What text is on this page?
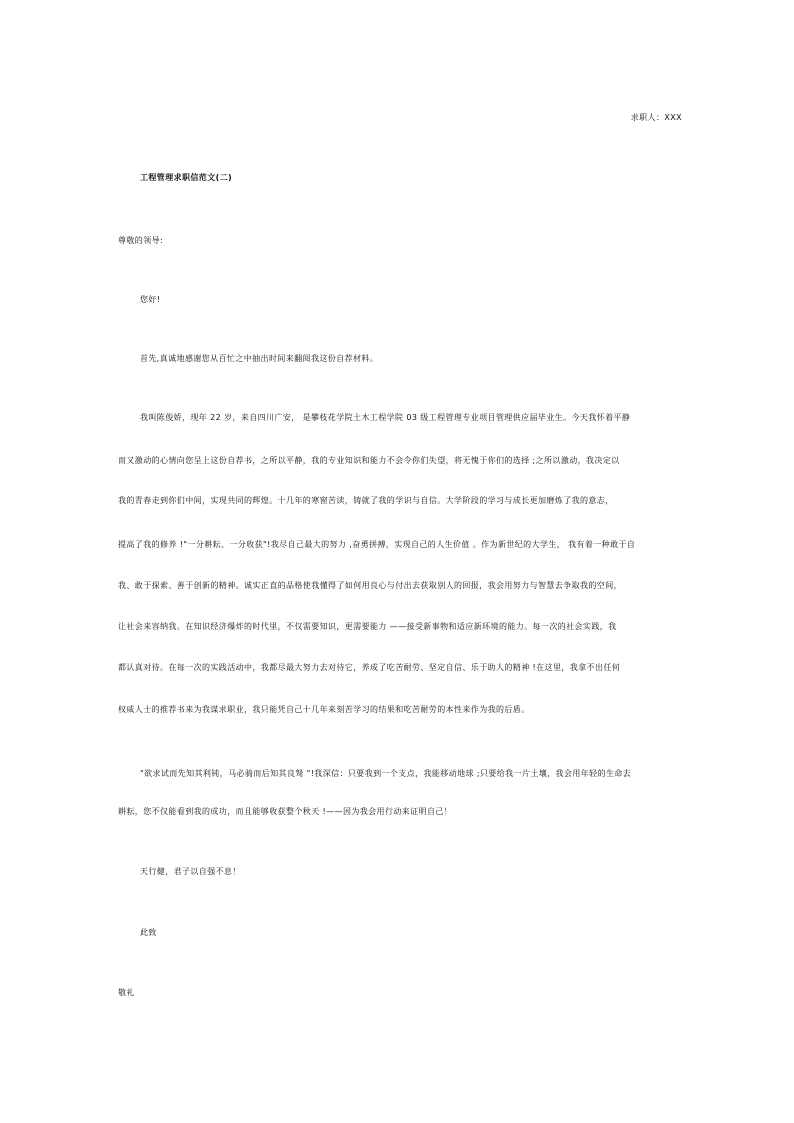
求职人：XXX
工程管理求职信范文(二)
尊敬的领导:
您好!
首先,真诚地感谢您从百忙之中抽出时间来翻阅我这份自荐材料。
我叫陈俊娇，现年 22 岁，来自四川广安， 是攀枝花学院土木工程学院 03 级工程管理专业项目管理供应届毕业生。今天我怀着平静
而又激动的心情向您呈上这份自荐书，之所以平静，我的专业知识和能力不会令你们失望，将无愧于你们的选择 ;之所以激动，我决定以
我的青春走到你们中间，实现共同的辉煌。十几年的寒窗苦读，铸就了我的学识与自信。大学阶段的学习与成长更加磨炼了我的意志，
提高了我的修养 !"一分耕耘、一分收获"!我尽自己最大的努力 ,奋勇拼搏，实现自己的人生价值 。作为新世纪的大学生， 我有着一种敢于自
我、敢于探索、善于创新的精神。诚实正直的品格使我懂得了如何用良心与付出去获取别人的回报，我会用努力与智慧去争取我的空间，
让社会来容纳我。在知识经济爆炸的时代里，不仅需要知识，更需要能力 ——接受新事物和适应新环境的能力。每一次的社会实践，我
都认真对待。在每一次的实践活动中，我都尽最大努力去对待它，养成了吃苦耐劳、坚定自信、乐于助人的精神 !在这里，我拿不出任何
权威人士的推荐书来为我谋求职业，我只能凭自己十几年来刻苦学习的结果和吃苦耐劳的本性来作为我的后盾。
"欲求试而先知其利钝，马必骑而后知其良驽 "!我深信：只要我到一个支点，我能移动地球 ;只要给我一片土壤，我会用年轻的生命去
耕耘，您不仅能看到我的成功，而且能够收获整个秋天 !——因为我会用行动来证明自己！
天行健，君子以自强不息！
此致
敬礼
